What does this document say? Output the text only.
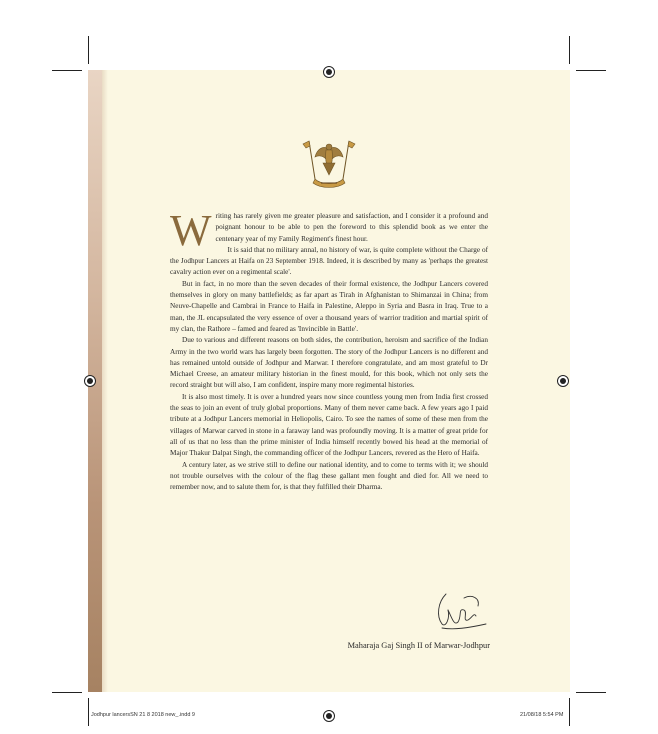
W riting has rarely given me greater pleasure and satisfaction, and I consider it a profound and poignant honour to be able to pen the foreword to this splendid book as we enter the centenary year of my Family Regiment's finest hour.

It is said that no military annal, no history of war, is quite complete without the Charge of the Jodhpur Lancers at Haifa on 23 September 1918. Indeed, it is described by many as 'perhaps the greatest cavalry action ever on a regimental scale'.

But in fact, in no more than the seven decades of their formal existence, the Jodhpur Lancers covered themselves in glory on many battlefields; as far apart as Tirah in Afghanistan to Shimanzai in China; from Neuve-Chapelle and Cambrai in France to Haifa in Palestine, Aleppo in Syria and Basra in Iraq. True to a man, the JL encapsulated the very essence of over a thousand years of warrior tradition and martial spirit of my clan, the Rathore – famed and feared as 'Invincible in Battle'.

Due to various and different reasons on both sides, the contribution, heroism and sacrifice of the Indian Army in the two world wars has largely been forgotten. The story of the Jodhpur Lancers is no different and has remained untold outside of Jodhpur and Marwar. I therefore congratulate, and am most grateful to Dr Michael Creese, an amateur military historian in the finest mould, for this book, which not only sets the record straight but will also, I am confident, inspire many more regimental histories.

It is also most timely. It is over a hundred years now since countless young men from India first crossed the seas to join an event of truly global proportions. Many of them never came back. A few years ago I paid tribute at a Jodhpur Lancers memorial in Heliopolis, Cairo. To see the names of some of these men from the villages of Marwar carved in stone in a faraway land was profoundly moving. It is a matter of great pride for all of us that no less than the prime minister of India himself recently bowed his head at the memorial of Major Thakur Dalpat Singh, the commanding officer of the Jodhpur Lancers, revered as the Hero of Haifa.

A century later, as we strive still to define our national identity, and to come to terms with it; we should not trouble ourselves with the colour of the flag these gallant men fought and died for. All we need to remember now, and to salute them for, is that they fulfilled their Dharma.

Maharaja Gaj Singh II of Marwar-Jodhpur
Jodhpur lancersSN 21 8 2018 new_.indd 9	21/08/18 5:54 PM
